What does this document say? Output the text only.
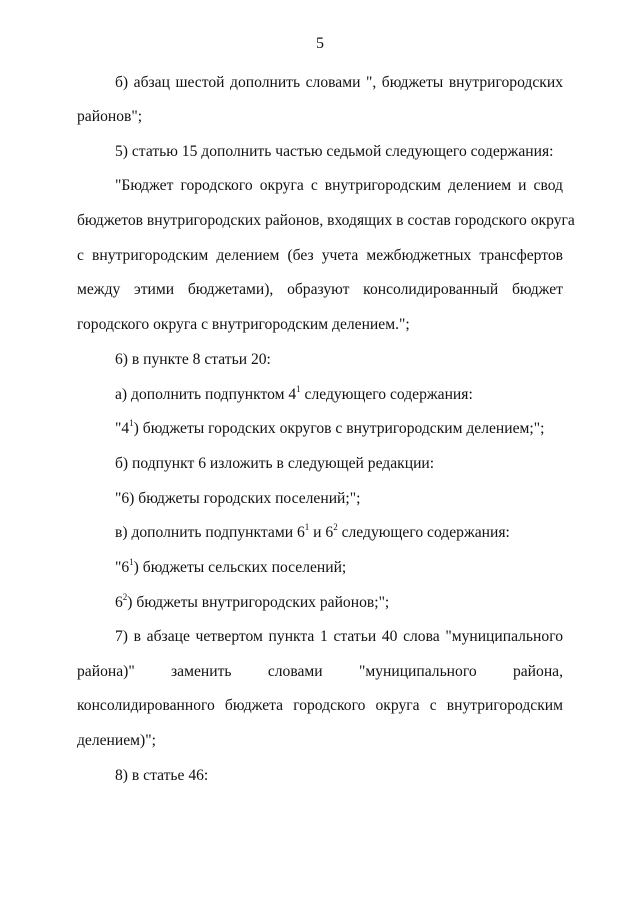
5
б) абзац шестой дополнить словами ", бюджеты внутригородских
районов";
5) статью 15 дополнить частью седьмой следующего содержания:
"Бюджет городского округа с внутригородским делением и свод
бюджетов внутригородских районов, входящих в состав городского округа
с внутригородским делением (без учета межбюджетных трансфертов
между этими бюджетами), образуют консолидированный бюджет
городского округа с внутригородским делением.";
6) в пункте 8 статьи 20:
а) дополнить подпунктом $4^1$ следующего содержания:
"$4^1$) бюджеты городских округов с внутригородским делением;";
б) подпункт 6 изложить в следующей редакции:
"6) бюджеты городских поселений;";
в) дополнить подпунктами $6^1$ и $6^2$ следующего содержания:
"$6^1$) бюджеты сельских поселений;
$6^2$) бюджеты внутригородских районов;";
7) в абзаце четвертом пункта 1 статьи 40 слова "муниципального
района)" заменить словами "муниципального района,
консолидированного бюджета городского округа с внутригородским
делением)";
8) в статье 46:
